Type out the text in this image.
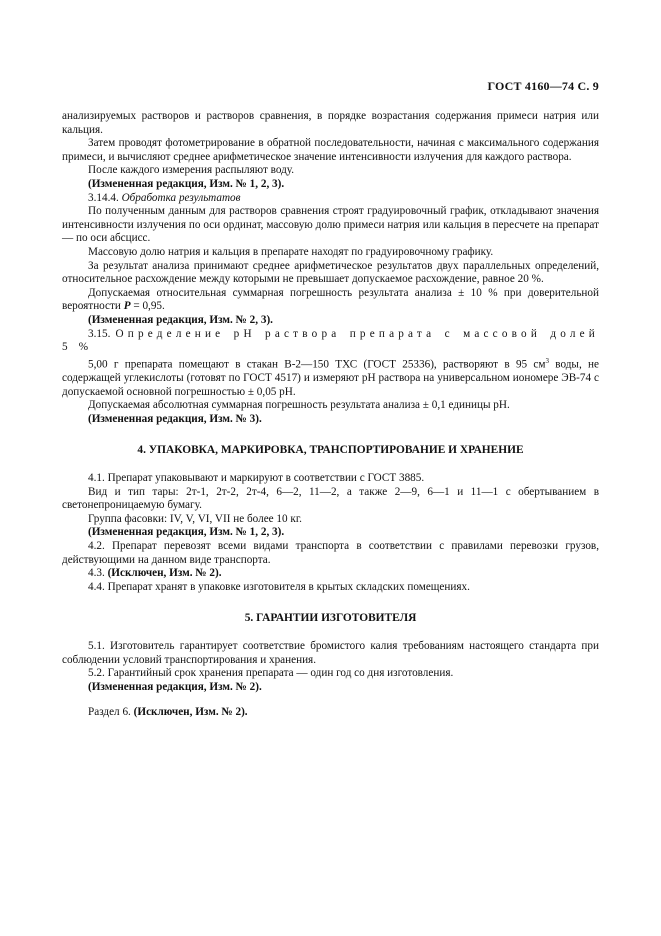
ГОСТ 4160—74 С. 9

анализируемых растворов и растворов сравнения, в порядке возрастания содержания примеси натрия или кальция.

Затем проводят фотометрирование в обратной последовательности, начиная с максимального содержания примеси, и вычисляют среднее арифметическое значение интенсивности излучения для каждого раствора.

После каждого измерения распыляют воду.

(Измененная редакция, Изм. № 1, 2, 3).

3.14.4. Обработка результатов

По полученным данным для растворов сравнения строят градуировочный график, откладывают значения интенсивности излучения по оси ординат, массовую долю примеси натрия или кальция в пересчете на препарат — по оси абсцисс.

Массовую долю натрия и кальция в препарате находят по градуировочному графику.

За результат анализа принимают среднее арифметическое результатов двух параллельных определений, относительное расхождение между которыми не превышает допускаемое расхождение, равное 20 %.

Допускаемая относительная суммарная погрешность результата анализа ± 10 % при доверительной вероятности P = 0,95.

(Измененная редакция, Изм. № 2, 3).

3.15. Определение pH раствора препарата с массовой долей 5 %

5,00 г препарата помещают в стакан В-2—150 ТХС (ГОСТ 25336), растворяют в 95 $см^3$ воды, не содержащей углекислоты (готовят по ГОСТ 4517) и измеряют pH раствора на универсальном иономере ЭВ-74 с допускаемой основной погрешностью ± 0,05 pH.

Допускаемая абсолютная суммарная погрешность результата анализа ± 0,1 единицы pH.

(Измененная редакция, Изм. № 3).

4. УПАКОВКА, МАРКИРОВКА, ТРАНСПОРТИРОВАНИЕ И ХРАНЕНИЕ

4.1. Препарат упаковывают и маркируют в соответствии с ГОСТ 3885.

Вид и тип тары: 2т-1, 2т-2, 2т-4, 6—2, 11—2, а также 2—9, 6—1 и 11—1 с обертыванием в светонепроницаемую бумагу.

Группа фасовки: IV, V, VI, VII не более 10 кг.

(Измененная редакция, Изм. № 1, 2, 3).

4.2. Препарат перевозят всеми видами транспорта в соответствии с правилами перевозки грузов, действующими на данном виде транспорта.

4.3. (Исключен, Изм. № 2).

4.4. Препарат хранят в упаковке изготовителя в крытых складских помещениях.

5. ГАРАНТИИ ИЗГОТОВИТЕЛЯ

5.1. Изготовитель гарантирует соответствие бромистого калия требованиям настоящего стандарта при соблюдении условий транспортирования и хранения.

5.2. Гарантийный срок хранения препарата — один год со дня изготовления.

(Измененная редакция, Изм. № 2).

Раздел 6. (Исключен, Изм. № 2).
